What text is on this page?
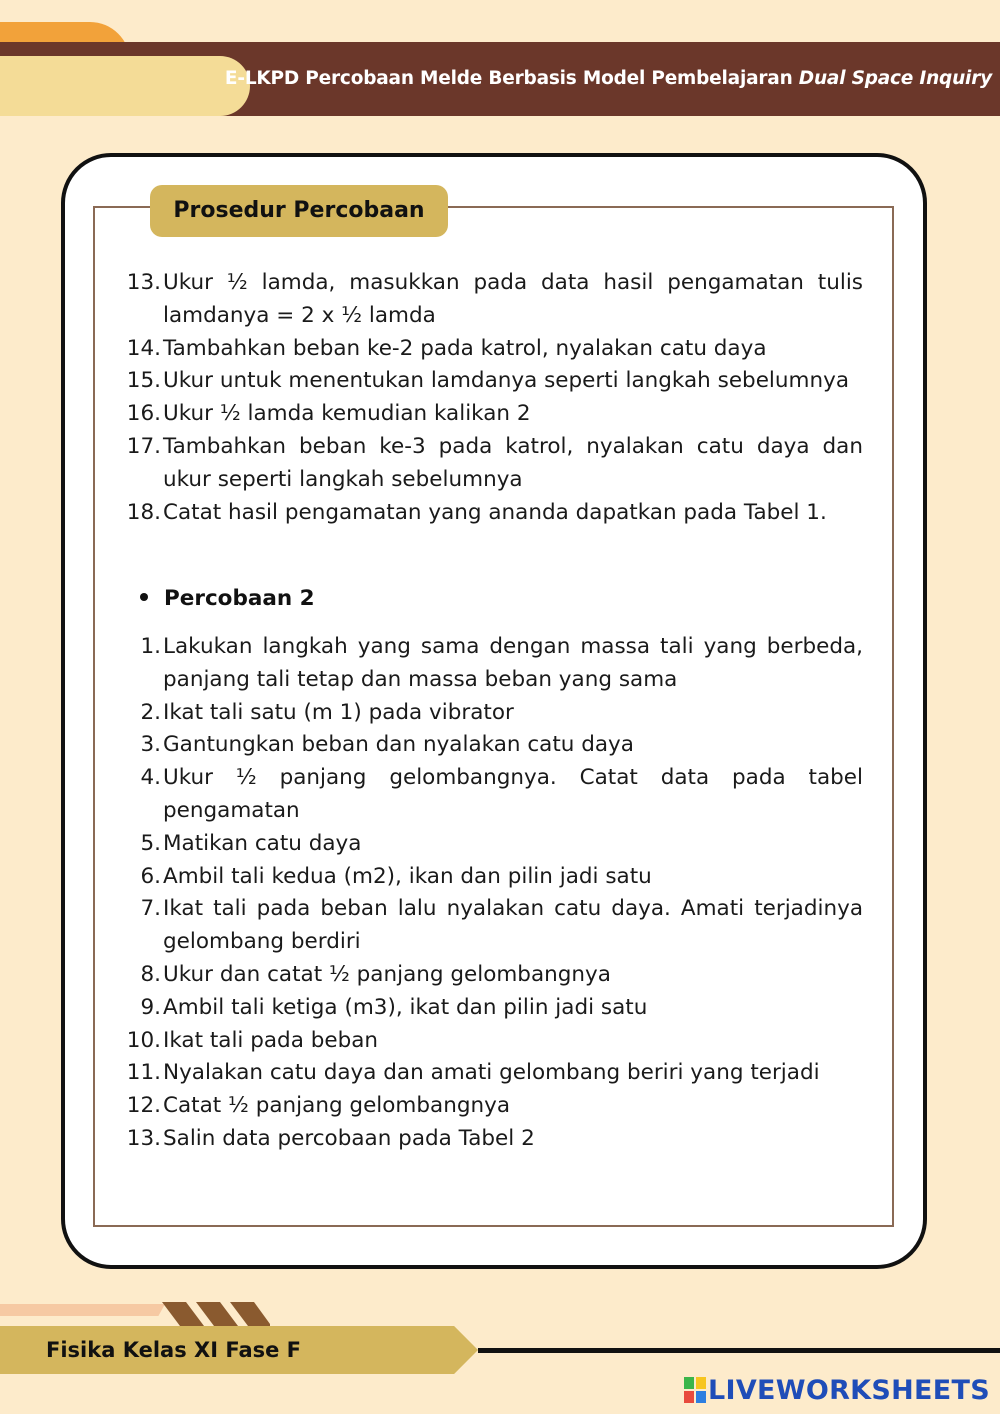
E-LKPD Percobaan Melde Berbasis Model Pembelajaran Dual Space Inquiry
Prosedur Percobaan
13. Ukur ½ lamda, masukkan pada data hasil pengamatan tulis lamdanya = 2 x ½ lamda
14. Tambahkan beban ke-2 pada katrol, nyalakan catu daya
15. Ukur untuk menentukan lamdanya seperti langkah sebelumnya
16. Ukur ½ lamda kemudian kalikan 2
17. Tambahkan beban ke-3 pada katrol, nyalakan catu daya dan ukur seperti langkah sebelumnya
18. Catat hasil pengamatan yang ananda dapatkan pada Tabel 1.
Percobaan 2
1. Lakukan langkah yang sama dengan massa tali yang berbeda, panjang tali tetap dan massa beban yang sama
2. Ikat tali satu (m 1) pada vibrator
3. Gantungkan beban dan nyalakan catu daya
4. Ukur ½ panjang gelombangnya. Catat data pada tabel pengamatan
5. Matikan catu daya
6. Ambil tali kedua (m2), ikan dan pilin jadi satu
7. Ikat tali pada beban lalu nyalakan catu daya. Amati terjadinya gelombang berdiri
8. Ukur dan catat ½ panjang gelombangnya
9. Ambil tali ketiga (m3), ikat dan pilin jadi satu
10. Ikat tali pada beban
11. Nyalakan catu daya dan amati gelombang beriri yang terjadi
12. Catat ½ panjang gelombangnya
13. Salin data percobaan pada Tabel 2
Fisika Kelas XI Fase F
LIVEWORKSHEETS
